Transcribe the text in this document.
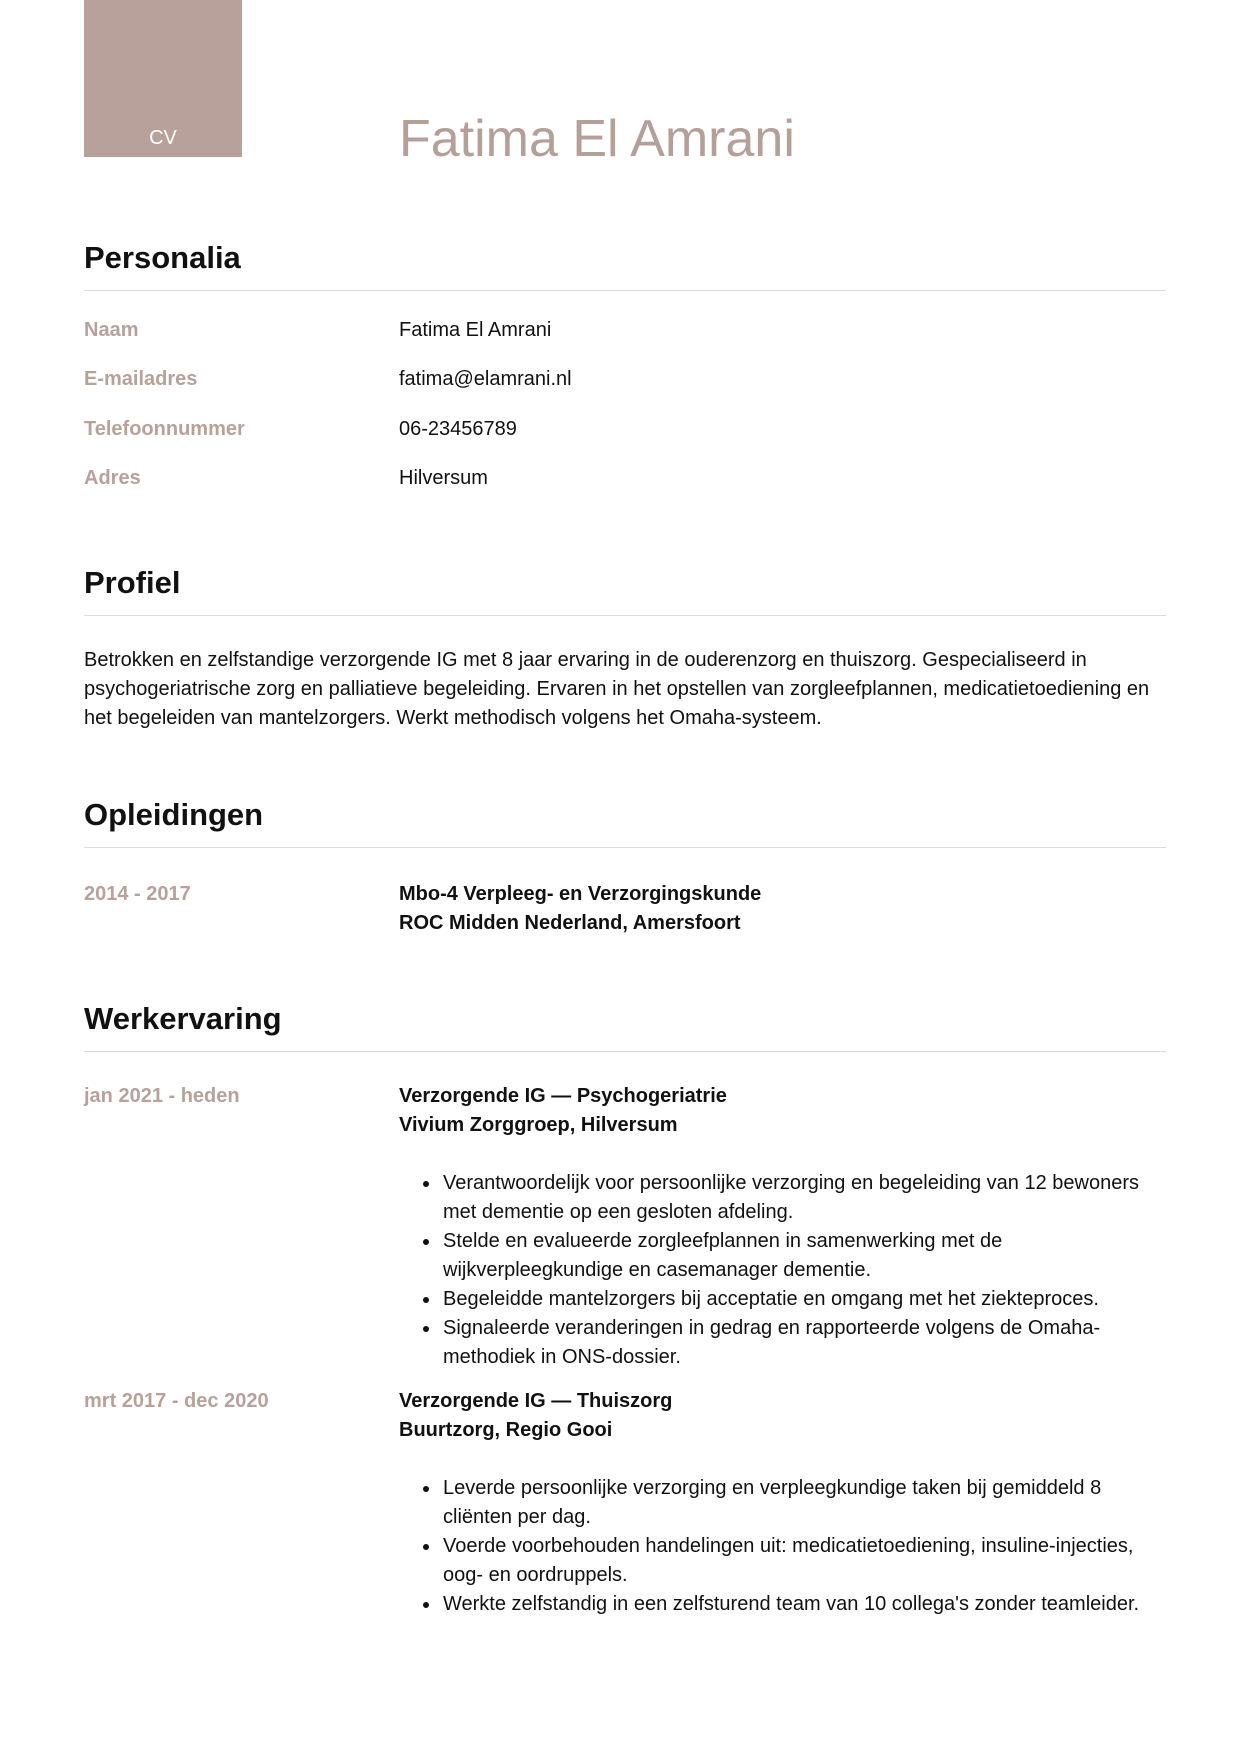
CV	Fatima El Amrani
Personalia
Naam	Fatima El Amrani
E-mailadres	fatima@elamrani.nl
Telefoonnummer	06-23456789
Adres	Hilversum
Profiel

Betrokken en zelfstandige verzorgende IG met 8 jaar ervaring in de ouderenzorg en thuiszorg. Gespecialiseerd in psychogeriatrische zorg en palliatieve begeleiding. Ervaren in het opstellen van zorgleefplannen, medicatietoediening en het begeleiden van mantelzorgers. Werkt methodisch volgens het Omaha-systeem.

Opleidingen
2014 - 2017	Mbo-4 Verpleeg- en Verzorgingskunde
ROC Midden Nederland, Amersfoort
Werkervaring
jan 2021 - heden	Verzorgende IG — Psychogeriatrie
Vivium Zorggroep, Hilversum
• Verantwoordelijk voor persoonlijke verzorging en begeleiding van 12 bewoners met dementie op een gesloten afdeling.
• Stelde en evalueerde zorgleefplannen in samenwerking met de wijkverpleegkundige en casemanager dementie.
• Begeleidde mantelzorgers bij acceptatie en omgang met het ziekteproces.
• Signaleerde veranderingen in gedrag en rapporteerde volgens de Omaha-methodiek in ONS-dossier.
mrt 2017 - dec 2020	Verzorgende IG — Thuiszorg
Buurtzorg, Regio Gooi
• Leverde persoonlijke verzorging en verpleegkundige taken bij gemiddeld 8 cliënten per dag.
• Voerde voorbehouden handelingen uit: medicatietoediening, insuline-injecties, oog- en oordruppels.
• Werkte zelfstandig in een zelfsturend team van 10 collega's zonder teamleider.
